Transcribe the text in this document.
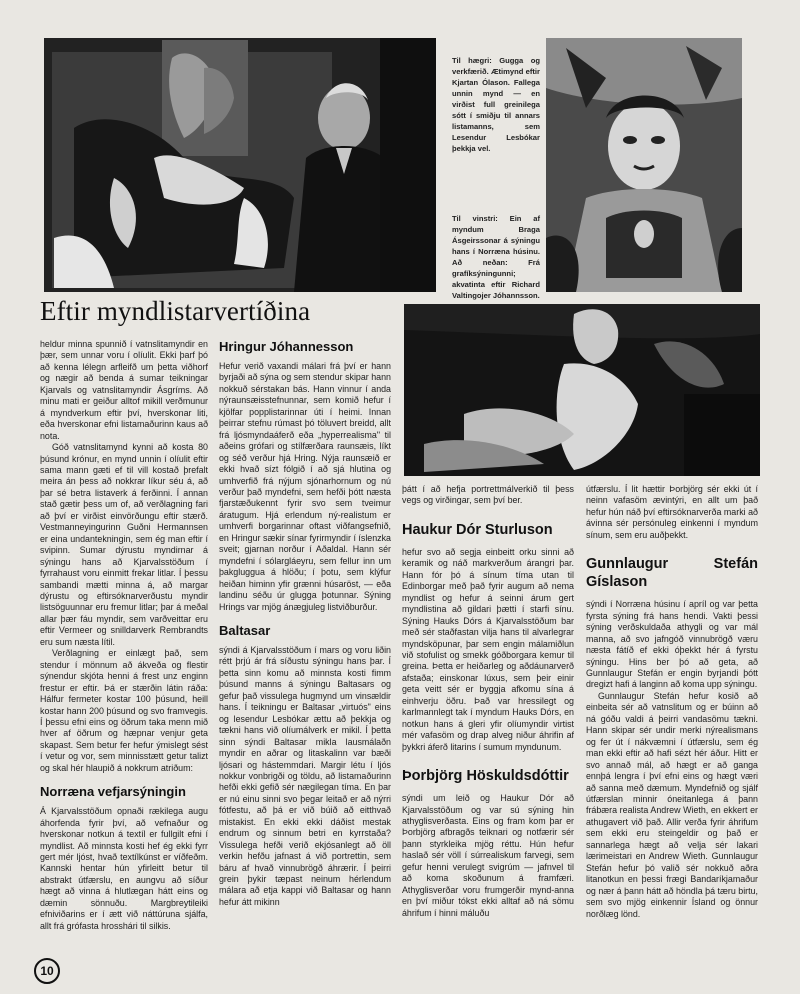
Til hægri: Gugga og verkfærið. Ætimynd eftir Kjartan Ólason. Fallega unnin mynd — en virðist full greinilega sótt í smiðju til annars listamanns, sem Lesendur Lesbókar þekkja vel.
Til vinstri: Ein af myndum Braga Ásgeirssonar á sýningu hans í Norræna húsinu. Að neðan: Frá grafíksýningunni; akvatinta eftir Richard Valtingojer Jóhannsson.
Eftir myndlistarvertíðina

heldur minna spunnið í vatnslitamyndir en þær, sem unnar voru í olíulit. Ekki þarf þó að kenna lélegn arfleifð um þetta viðhorf og nægir að benda á sumar teikningar Kjarvals og vatnslitamyndir Ásgríms. Að minu mati er geiður alltof mikill verðmunur á myndverkum eftir því, hverskonar liti, eða hverskonar efni listamaðurinn kaus að nota.

Góð vatnslitamynd kynni að kosta 80 þúsund krónur, en mynd unnin í olíulit eftir sama mann gæti ef til vill kostað þrefalt meira án þess að nokkrar líkur séu á, að þar sé betra listaverk á ferðinni. Í annan stað gætir þess um of, að verðlagning fari að því er virðist einvörðungu eftir stærð. Vestmanneyingurinn Guðni Hermannsen er eina undantekningin, sem ég man eftir í svipinn. Sumar dýrustu myndirnar á sýningu hans að Kjarvalsstöðum í fyrrahaust voru einmitt frekar litlar. Í þessu sambandi mætti minna á, að margar dýrustu og eftirsóknarverðustu myndir listsöguunnar eru fremur litlar; þar á meðal allar þær fáu myndir, sem varðveittar eru eftir Vermeer og snilldarverk Rembrandts eru sum næsta lítil.

Verðlagning er einlægt það, sem stendur í mönnum að ákveða og flestir sýnendur skjóta henni á frest unz enginn frestur er eftir. Þá er stærðin látin ráða: Hálfur fermeter kostar 100 þúsund, heill kostar hann 200 þúsund og svo framvegis. Í þessu efni eins og öðrum taka menn mið hver af öðrum og hæpnar venjur geta skapast. Sem betur fer hefur ýmislegt sést í vetur og vor, sem minnisstætt getur talizt og skal hér hlaupið á nokkrum atriðum:

Norræna vefjarsýningin

Á Kjarvalsstöðum opnaði rækilega augu áhorfenda fyrir því, að vefnaður og hverskonar notkun á textíl er fullgilt efni í myndlist. Að minnsta kosti hef ég ekki fyrr gert mér ljóst, hvað textílkúnst er víðfeðm. Kannski hentar hún yfirleitt betur til abstrakt útfærslu, en aungvu að síður hægt að vinna á hlutlægan hátt eins og dæmin sönnuðu. Margbreytileiki efniviðarins er í ætt við náttúruna sjálfa, allt frá grófasta hrosshári til silkis.

Hringur Jóhannesson

Hefur verið vaxandi málari frá því er hann byrjaði að sýna og sem stendur skipar hann nokkuð sérstakan bás. Hann vinnur í anda nýraunsæisstefnunnar, sem komið hefur í kjölfar popplistarinnar úti í heimi. Innan þeirrar stefnu rúmast þó töluvert breidd, allt frá ljósmyndaáferð eða „hyperrealisma" til aðeins grófari og stílfærðara raunsæis, líkt og séð verður hjá Hring. Nýja raunsæið er ekki hvað sízt fólgið í að sjá hlutina og umhverfið frá nýjum sjónarhornum og nú verður það myndefni, sem hefði þótt næsta fjarstæðukennt fyrir svo sem tveimur áratugum. Hjá erlendum ný-realistum er umhverfi borgarinnar oftast viðfangsefnið, en Hringur sækir sínar fyrirmyndir í íslenzka sveit; gjarnan norður í Aðaldal. Hann sér myndefni í sólargláeyru, sem fellur inn um þakgluggua á hlöðu; í þotu, sem klýfur heiðan himinn yfir grænni húsaröst, — eða landinu séðu úr glugga þotunnar. Sýning Hrings var mjög ánægjuleg listviðburður.

Baltasar

sýndi á Kjarvalsstöðum í mars og voru liðin rétt þrjú ár frá síðustu sýningu hans þar. Í þetta sinn komu að minnsta kosti fimm þúsund manns á sýningu Baltasars og gefur það vissulega hugmynd um vinsældir hans. Í teikningu er Baltasar „virtuós" eins og lesendur Lesbókar ættu að þekkja og tækni hans við olíumálverk er mikil. Í þetta sinn sýndi Baltasar mikla lausmálaðn myndir en aðrar og litaskalinn var bæði ljósari og hástemmdari. Margir létu í ljós nokkur vonbrigði og töldu, að listamaðurinn hefði ekki gefið sér nægilegan tíma. En þar er nú einu sinni svo þegar leitað er að nýrri fótfestu, að þá er við búið að eitthvað mistakist. En ekki ekki dáðist mestak endrum og sinnum betri en kyrrstaða? Vissulega hefði verið ekjósanlegt að öll verkin hefðu jafnast á við portrettin, sem báru af hvað vinnubrögð áhrærir. Í þeirri grein þykir tæpast neinum hérlendum málara að etja kappi við Baltasar og hann hefur átt mikinn

þátt í að hefja portrettmálverkið til þess vegs og virðingar, sem því ber.

Haukur Dór Sturluson

hefur svo að segja einbeitt orku sinni að keramik og náð markverðum árangri þar. Hann fór þó á sínum tíma utan til Edinborgar með það fyrir augum að nema myndlist og hefur á seinni árum gert myndlistina að gildari þætti í starfi sínu. Sýning Hauks Dórs á Kjarvalsstöðum bar með sér staðfastan vilja hans til alvarlegrar myndsköpunar, þar sem engin málamiðlun við stofulist og smekk góðborgara kemur til greina. Þetta er heiðarleg og aðdáunarverð afstaða; einskonar lúxus, sem þeir einir geta veitt sér er byggja afkomu sína á einhverju öðru. Það var hressilegt og karlmannlegt tak í myndum Hauks Dórs, en notkun hans á gleri yfir olíumyndir virtist mér vafasöm og drap alveg niður áhrifin af þykkri áferð litarins í sumum myndunum.

Þorbjörg Höskuldsdóttir

sýndi um leið og Haukur Dór að Kjarvalsstöðum og var sú sýning hin athyglisverðasta. Eins og fram kom þar er Þorbjörg afbragðs teiknari og notfærir sér þann styrkleika mjög réttu. Hún hefur haslað sér völl í súrrealiskum farvegi, sem gefur henni verulegt svigrúm — jafnvel til að koma skoðunum á framfæri. Athyglisverðar voru frumgerðir mynd-anna en því miður tókst ekki alltaf að ná sömu áhrifum í hinni máluðu

útfærslu. Í lit hættir Þorbjörg sér ekki út í neinn vafasöm ævintýri, en allt um það hefur hún náð því eftirsóknarverða marki að ávinna sér persónuleg einkenni í myndum sínum, sem eru auðþekkt.

Gunnlaugur Stefán Gíslason

sýndi í Norræna húsinu í apríl og var þetta fyrsta sýning frá hans hendi. Vakti þessi sýning verðskuldaða athygli og var mál manna, að svo jafngóð vinnubrögð væru næsta fátíð ef ekki óþekkt hér á fyrstu sýningu. Hins ber þó að geta, að Gunnlaugur Stefán er engin byrjandi þótt dregizt hafi á langinn að koma upp sýningu.

Gunnlaugur Stefán hefur kosið að einbeita sér að vatnslitum og er búinn að ná góðu valdi á þeirri vandasömu tækni. Hann skipar sér undir merki nýrealismans og fer út í nákvæmni í útfærslu, sem ég man ekki eftir að hafi sézt hér áður. Hitt er svo annað mál, að hægt er að ganga ennþá lengra í því efni eins og hægt væri að sanna með dæmum. Myndefnið og sjálf útfærslan minnir óneitanlega á þann frábæra realista Andrew Wieth, en ekkert er athugavert við það. Allir verða fyrir áhrifum sem ekki eru steingeldir og það er sannarlega hægt að velja sér lakari lærimeistari en Andrew Wieth. Gunnlaugur Stefán hefur þó valið sér nokkuð aðra litanotkun en þessi frægi Bandaríkjamaður og nær á þann hátt að höndla þá tæru birtu, sem svo mjög einkennir Ísland og önnur norðlæg lönd.

10
